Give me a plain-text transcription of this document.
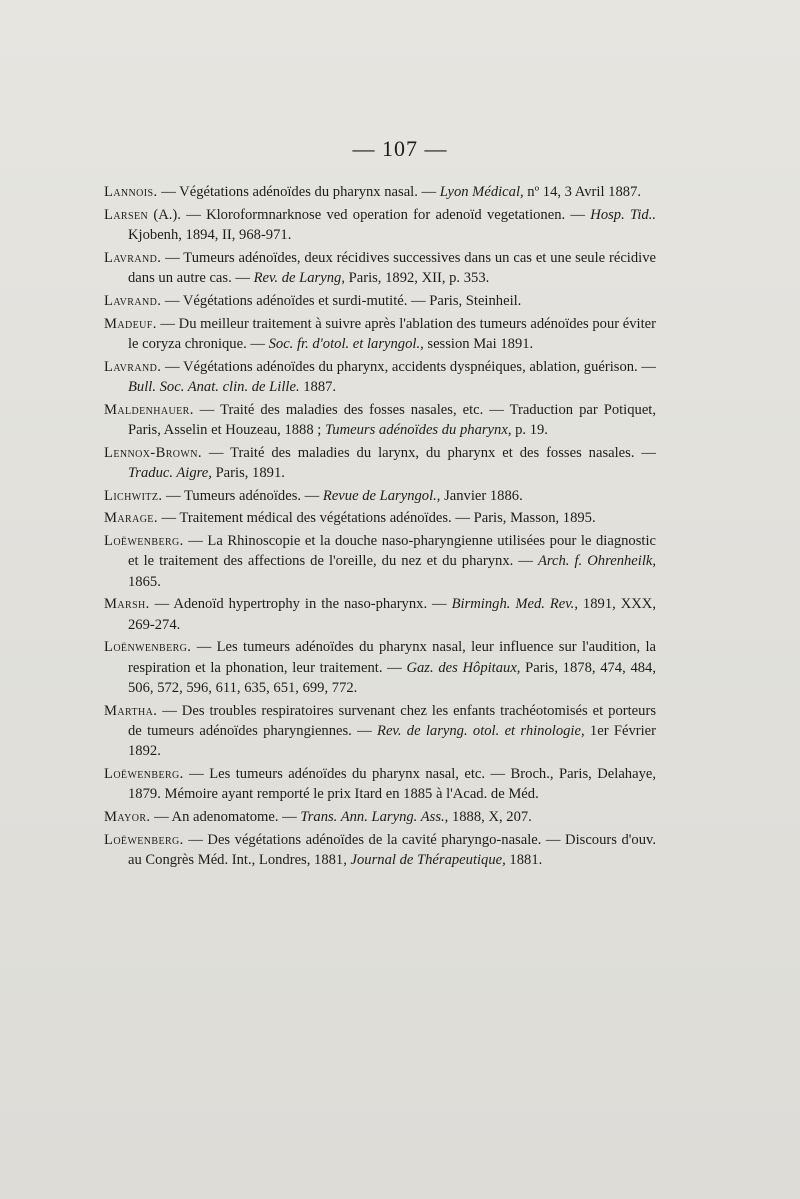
— 107 —

Lannois. — Végétations adénoïdes du pharynx nasal. — Lyon Médical, nº 14, 3 Avril 1887.

Larsen (A.). — Kloroformnarknose ved operation for adenoïd vegetationen. — Hosp. Tid.. Kjobenh, 1894, II, 968-971.

Lavrand. — Tumeurs adénoïdes, deux récidives successives dans un cas et une seule récidive dans un autre cas. — Rev. de Laryng, Paris, 1892, XII, p. 353.

Lavrand. — Végétations adénoïdes et surdi-mutité. — Paris, Steinheil.

Madeuf. — Du meilleur traitement à suivre après l'ablation des tumeurs adénoïdes pour éviter le coryza chronique. — Soc. fr. d'otol. et laryngol., session Mai 1891.

Lavrand. — Végétations adénoïdes du pharynx, accidents dyspnéiques, ablation, guérison. — Bull. Soc. Anat. clin. de Lille. 1887.

Maldenhauer. — Traité des maladies des fosses nasales, etc. — Traduction par Potiquet, Paris, Asselin et Houzeau, 1888 ; Tumeurs adénoïdes du pharynx, p. 19.

Lennox-Brown. — Traité des maladies du larynx, du pharynx et des fosses nasales. — Traduc. Aigre, Paris, 1891.

Lichwitz. — Tumeurs adénoïdes. — Revue de Laryngol., Janvier 1886.

Marage. — Traitement médical des végétations adénoïdes. — Paris, Masson, 1895.

Loëwenberg. — La Rhinoscopie et la douche naso-pharyngienne utilisées pour le diagnostic et le traitement des affections de l'oreille, du nez et du pharynx. — Arch. f. Ohrenheilk, 1865.

Marsh. — Adenoïd hypertrophy in the naso-pharynx. — Birmingh. Med. Rev., 1891, XXX, 269-274.

Loënwenberg. — Les tumeurs adénoïdes du pharynx nasal, leur influence sur l'audition, la respiration et la phonation, leur traitement. — Gaz. des Hôpitaux, Paris, 1878, 474, 484, 506, 572, 596, 611, 635, 651, 699, 772.

Martha. — Des troubles respiratoires survenant chez les enfants trachéotomisés et porteurs de tumeurs adénoïdes pharyngiennes. — Rev. de laryng. otol. et rhinologie, 1er Février 1892.

Loëwenberg. — Les tumeurs adénoïdes du pharynx nasal, etc. — Broch., Paris, Delahaye, 1879. Mémoire ayant remporté le prix Itard en 1885 à l'Acad. de Méd.

Mayor. — An adenomatome. — Trans. Ann. Laryng. Ass., 1888, X, 207.

Loëwenberg. — Des végétations adénoïdes de la cavité pharyngo-nasale. — Discours d'ouv. au Congrès Méd. Int., Londres, 1881, Journal de Thérapeutique, 1881.
